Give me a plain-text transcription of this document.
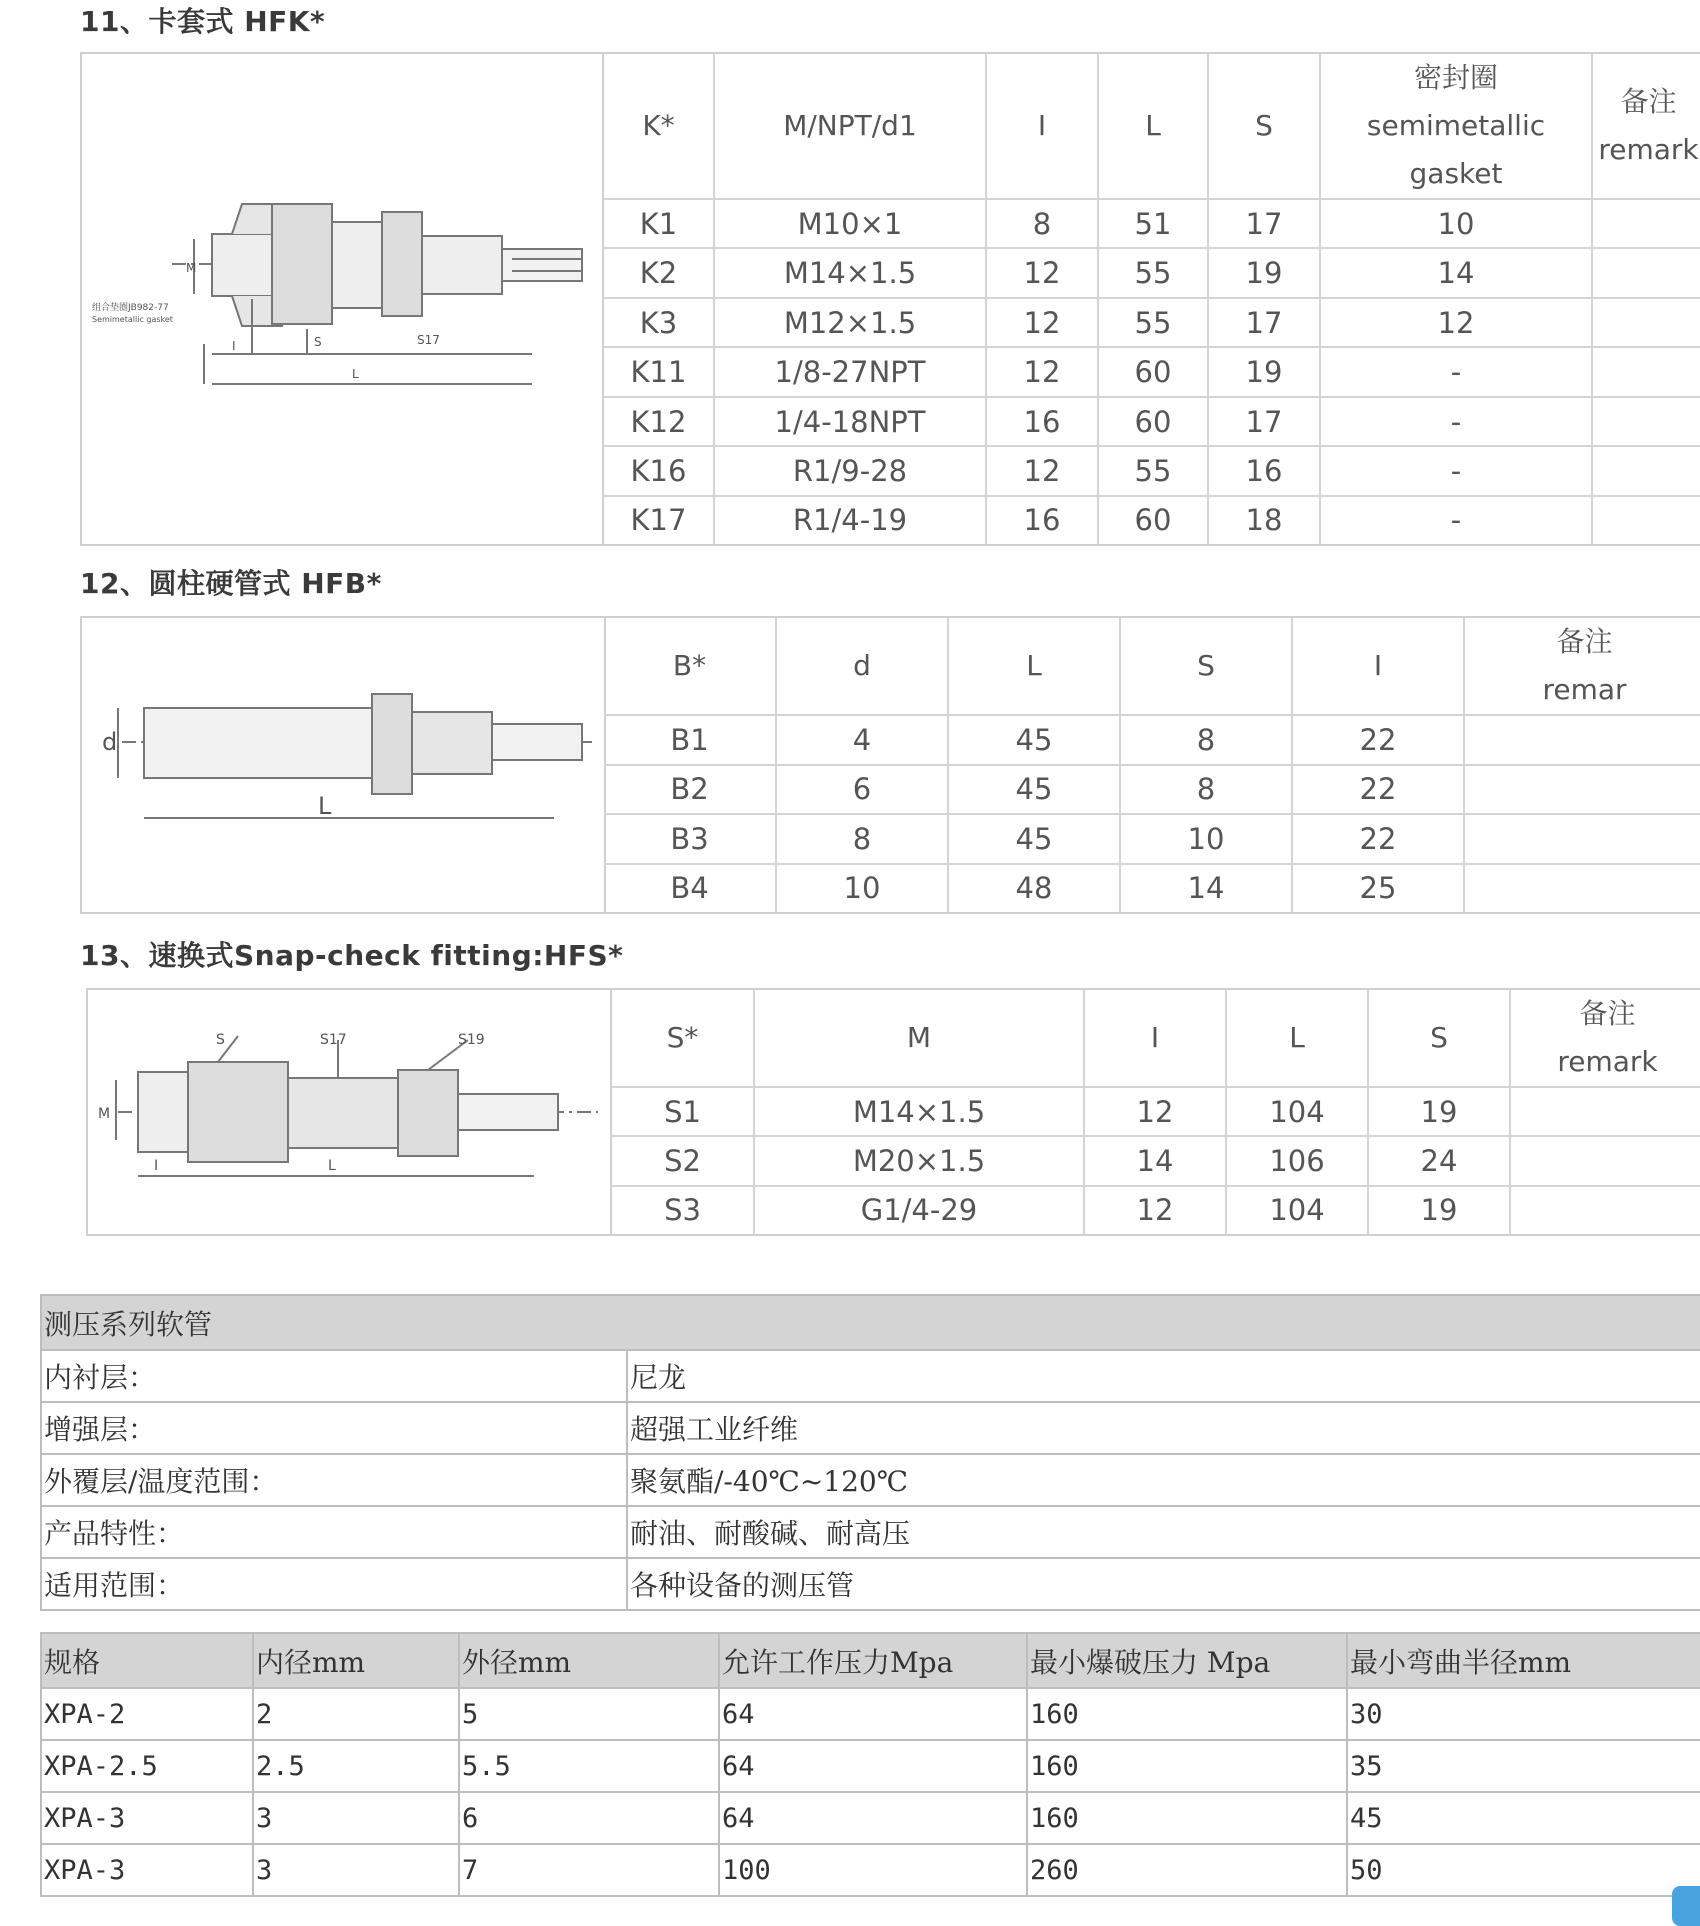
11、卡套式 HFK*
M
组合垫圈JB982-77
Semimetallic gasket
I	S	S17
L
K*	M/NPT/d1	I	L	S	密封圈
semimetallic
gasket	备注
remark

K1	M10×1	8	51	17	10	
K2	M14×1.5	12	55	19	14	
K3	M12×1.5	12	55	17	12	
K11	1/8-27NPT	12	60	19	-	
K12	1/4-18NPT	16	60	17	-	
K16	R1/9-28	12	55	16	-	
K17	R1/4-19	16	60	18	-	
12、圆柱硬管式 HFB*
d
L
B*	d	L	S	I	备注
remar

B1	4	45	8	22	
B2	6	45	8	22	
B3	8	45	10	22	
B4	10	48	14	25	
13、速换式Snap-check fitting:HFS*
S	S17	S19
M
I	L
S*	M	I	L	S	备注
remark

S1	M14×1.5	12	104	19	
S2	M20×1.5	14	106	24	
S3	G1/4-29	12	104	19	
测压系列软管	
内衬层：	尼龙
增强层：	超强工业纤维
外覆层/温度范围：	聚氨酯/-40℃~120℃
产品特性：	耐油、耐酸碱、耐高压
适用范围：	各种设备的测压管
规格	内径mm	外径mm	允许工作压力Mpa	最小爆破压力 Mpa	最小弯曲半径mm
XPA-2	2	5	64	160	30
XPA-2.5	2.5	5.5	64	160	35
XPA-3	3	6	64	160	45
XPA-3	3	7	100	260	50
